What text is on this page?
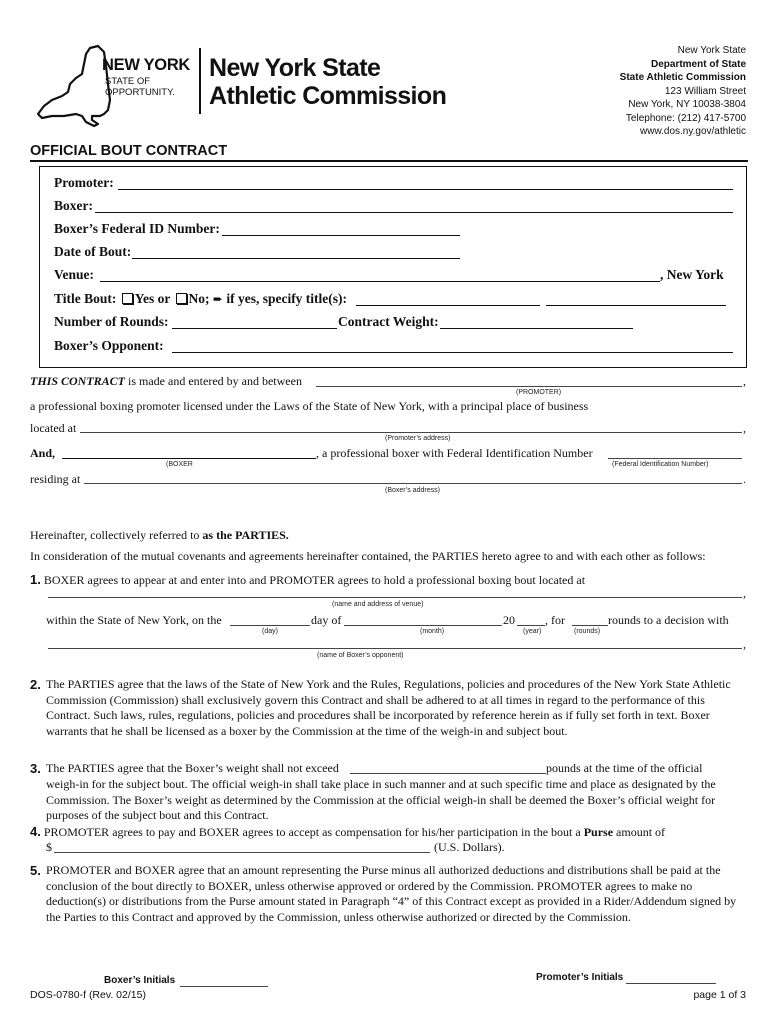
NEW YORK
STATE OF
OPPORTUNITY.
New York State
Athletic Commission
New York State
Department of State
State Athletic Commission
123 William Street
New York, NY 10038-3804
Telephone: (212) 417-5700
www.dos.ny.gov/athletic
OFFICIAL BOUT CONTRACT
Promoter:
Boxer:
Boxer’s Federal ID Number:
Date of Bout:
Venue:	, New York
Title Bout: Yes or No; ➨ if yes, specify title(s):
Number of Rounds:	Contract Weight:
Boxer’s Opponent:
THIS CONTRACT is made and entered by and between	,
(PROMOTER)
a professional boxing promoter licensed under the Laws of the State of New York, with a principal place of business
located at	,
(Promoter’s address)
And,	, a professional boxer with Federal Identification Number
(BOXER	(Federal Identification Number)
residing at	.
(Boxer’s address)
Hereinafter, collectively referred to as the PARTIES.
In consideration of the mutual covenants and agreements hereinafter contained, the PARTIES hereto agree to and with each other as follows:
1. BOXER agrees to appear at and enter into and PROMOTER agrees to hold a professional boxing bout located at
,
(name and address of venue)
within the State of New York, on the	day of	20	, for	rounds to a decision with
(day)	(month)	(year)	(rounds)
,
(name of Boxer’s opponent)
2. The PARTIES agree that the laws of the State of New York and the Rules, Regulations, policies and procedures of the New York State Athletic Commission (Commission) shall exclusively govern this Contract and shall be adhered to at all times in regard to the performance of this Contract. Such laws, rules, regulations, policies and procedures shall be incorporated by reference herein as if fully set forth in text. Boxer warrants that he shall be licensed as a boxer by the Commission at the time of the weigh-in and subject bout.
3. The PARTIES agree that the Boxer’s weight shall not exceed	pounds at the time of the official
weigh-in for the subject bout. The official weigh-in shall take place in such manner and at such specific time and place as designated by the Commission. The Boxer’s weight as determined by the Commission at the official weigh-in shall be deemed the Boxer’s official weight for purposes of the subject bout and this Contract.
4. PROMOTER agrees to pay and BOXER agrees to accept as compensation for his/her participation in the bout a Purse amount of
$	(U.S. Dollars).
5. PROMOTER and BOXER agree that an amount representing the Purse minus all authorized deductions and distributions shall be paid at the conclusion of the bout directly to BOXER, unless otherwise approved or ordered by the Commission. PROMOTER agrees to make no deduction(s) or distributions from the Purse amount stated in Paragraph “4” of this Contract except as provided in a Rider/Addendum signed by the Parties to this Contract and approved by the Commission, unless otherwise authorized or directed by the Commission.
Boxer’s Initials	Promoter’s Initials
DOS-0780-f (Rev. 02/15)	page 1 of 3
